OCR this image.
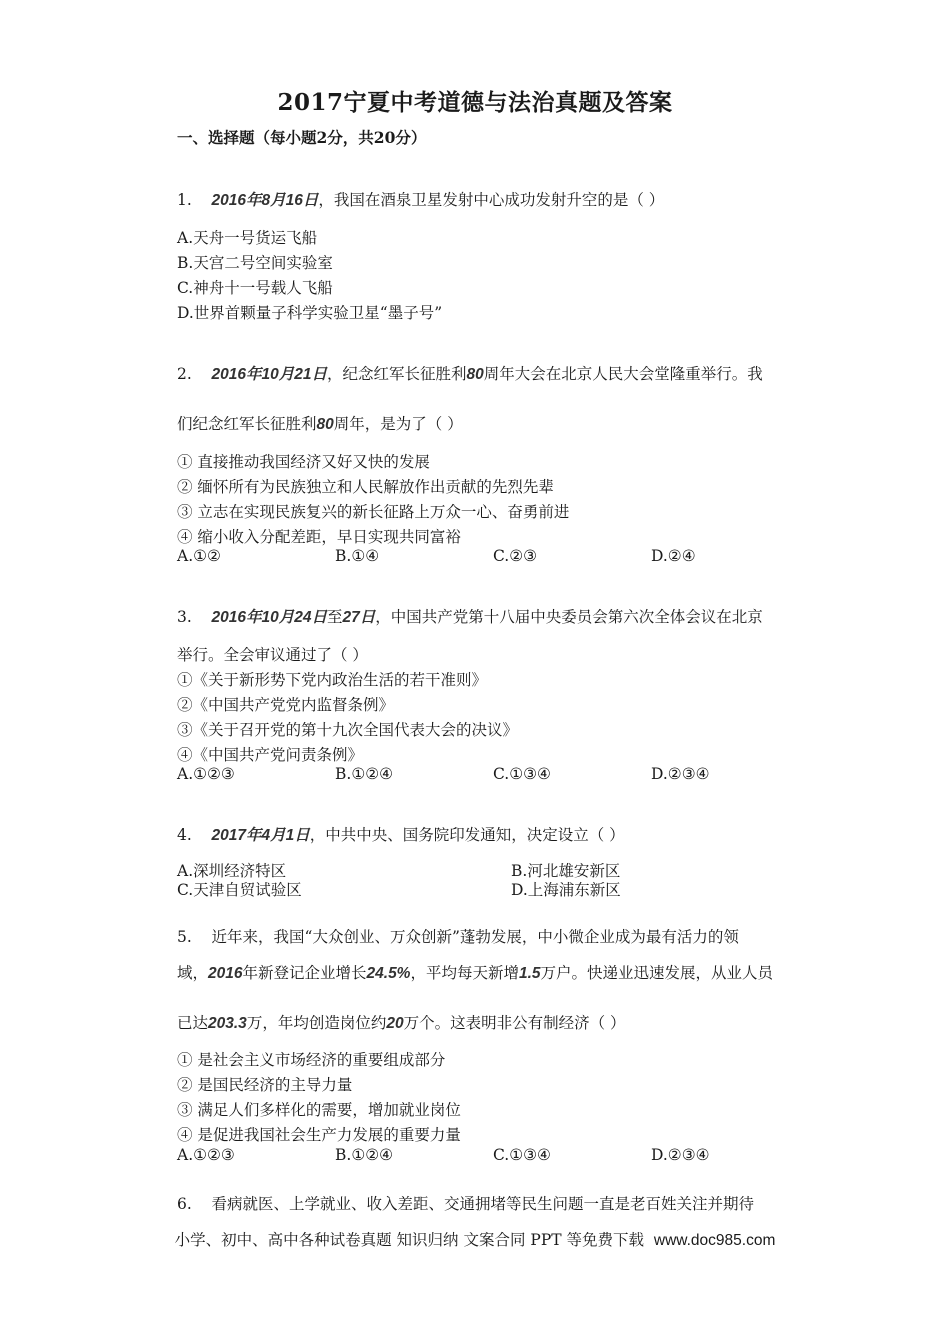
2017宁夏中考道德与法治真题及答案
一、选择题（每小题2分，共20分）
1. 2016年8月16日，我国在酒泉卫星发射中心成功发射升空的是（ ）
A.天舟一号货运飞船
B.天宫二号空间实验室
C.神舟十一号载人飞船
D.世界首颗量子科学实验卫星“墨子号”
2. 2016年10月21日，纪念红军长征胜利80周年大会在北京人民大会堂隆重举行。我
们纪念红军长征胜利80周年，是为了（ ）
① 直接推动我国经济又好又快的发展
② 缅怀所有为民族独立和人民解放作出贡献的先烈先辈
③ 立志在实现民族复兴的新长征路上万众一心、奋勇前进
④ 缩小收入分配差距，早日实现共同富裕
A.①②	B.①④	C.②③	D.②④
3. 2016年10月24日至27日，中国共产党第十八届中央委员会第六次全体会议在北京
举行。全会审议通过了（ ）
①《关于新形势下党内政治生活的若干准则》
②《中国共产党党内监督条例》
③《关于召开党的第十九次全国代表大会的决议》
④《中国共产党问责条例》
A.①②③	B.①②④	C.①③④	D.②③④
4. 2017年4月1日，中共中央、国务院印发通知，决定设立（ ）
A.深圳经济特区	B.河北雄安新区
C.天津自贸试验区	D.上海浦东新区
5. 近年来，我国“大众创业、万众创新”蓬勃发展，中小微企业成为最有活力的领
域，2016年新登记企业增长24.5%，平均每天新增1.5万户。快递业迅速发展，从业人员
已达203.3万，年均创造岗位约20万个。这表明非公有制经济（ ）
① 是社会主义市场经济的重要组成部分
② 是国民经济的主导力量
③ 满足人们多样化的需要，增加就业岗位
④ 是促进我国社会生产力发展的重要力量
A.①②③	B.①②④	C.①③④	D.②③④
6. 看病就医、上学就业、收入差距、交通拥堵等民生问题一直是老百姓关注并期待
小学、初中、高中各种试卷真题 知识归纳 文案合同 PPT 等免费下载 www.doc985.com
